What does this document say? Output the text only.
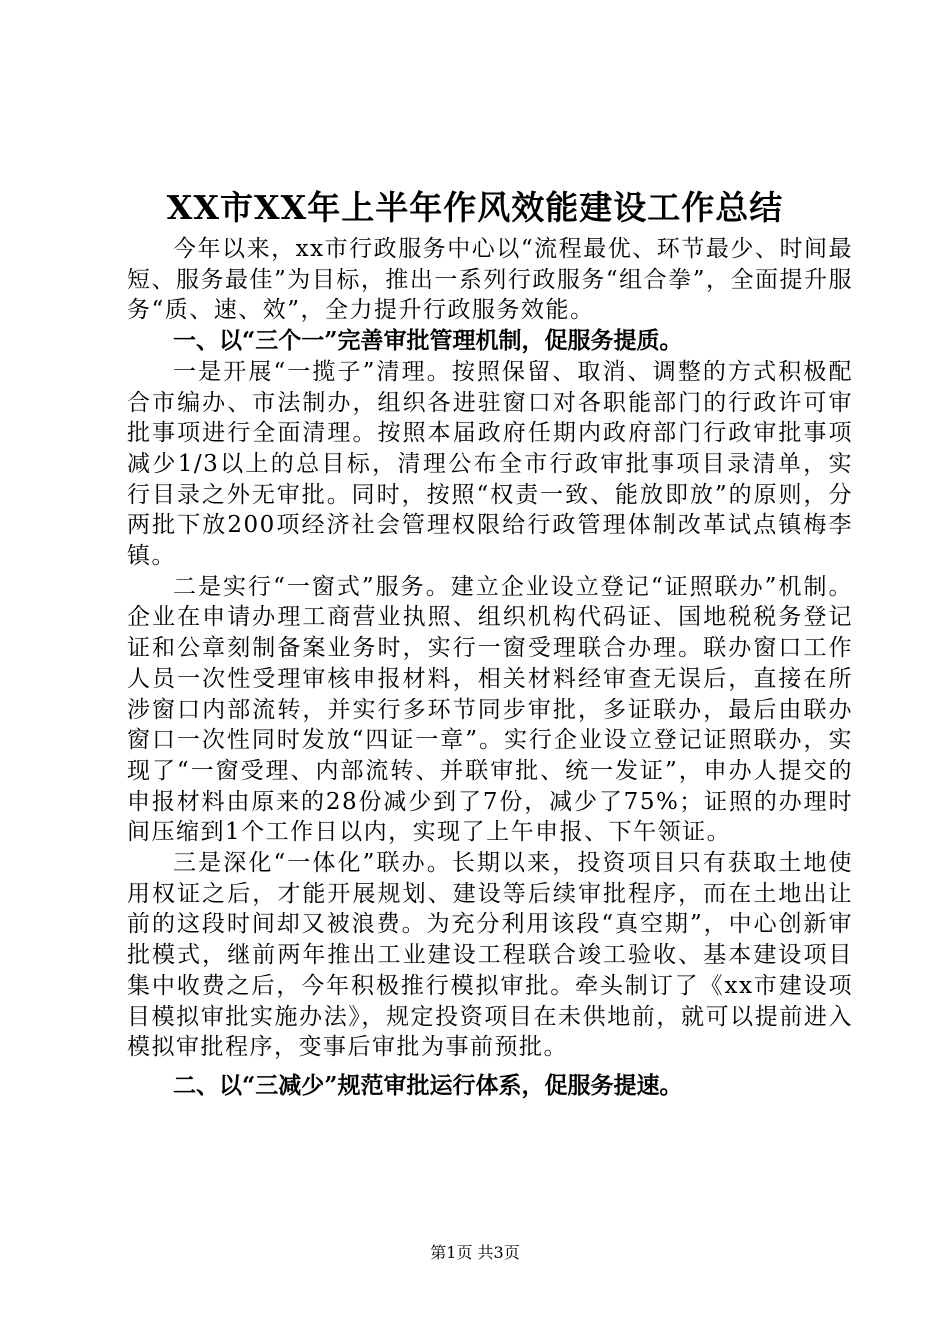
XX市XX年上半年作风效能建设工作总结

今年以来，xx市行政服务中心以“流程最优、环节最少、时间最短、服务最佳”为目标，推出一系列行政服务“组合拳”，全面提升服务“质、速、效”，全力提升行政服务效能。

一、以“三个一”完善审批管理机制，促服务提质。

一是开展“一揽子”清理。按照保留、取消、调整的方式积极配合市编办、市法制办，组织各进驻窗口对各职能部门的行政许可审批事项进行全面清理。按照本届政府任期内政府部门行政审批事项减少1/3以上的总目标，清理公布全市行政审批事项目录清单，实行目录之外无审批。同时，按照“权责一致、能放即放”的原则，分两批下放200项经济社会管理权限给行政管理体制改革试点镇梅李镇。

二是实行“一窗式”服务。建立企业设立登记“证照联办”机制。企业在申请办理工商营业执照、组织机构代码证、国地税税务登记证和公章刻制备案业务时，实行一窗受理联合办理。联办窗口工作人员一次性受理审核申报材料，相关材料经审查无误后，直接在所涉窗口内部流转，并实行多环节同步审批，多证联办，最后由联办窗口一次性同时发放“四证一章”。实行企业设立登记证照联办，实现了“一窗受理、内部流转、并联审批、统一发证”，申办人提交的申报材料由原来的28份减少到了7份，减少了75%；证照的办理时间压缩到1个工作日以内，实现了上午申报、下午领证。

三是深化“一体化”联办。长期以来，投资项目只有获取土地使用权证之后，才能开展规划、建设等后续审批程序，而在土地出让前的这段时间却又被浪费。为充分利用该段“真空期”，中心创新审批模式，继前两年推出工业建设工程联合竣工验收、基本建设项目集中收费之后，今年积极推行模拟审批。牵头制订了《xx市建设项目模拟审批实施办法》，规定投资项目在未供地前，就可以提前进入模拟审批程序，变事后审批为事前预批。

二、以“三减少”规范审批运行体系，促服务提速。

第1页 共3页
